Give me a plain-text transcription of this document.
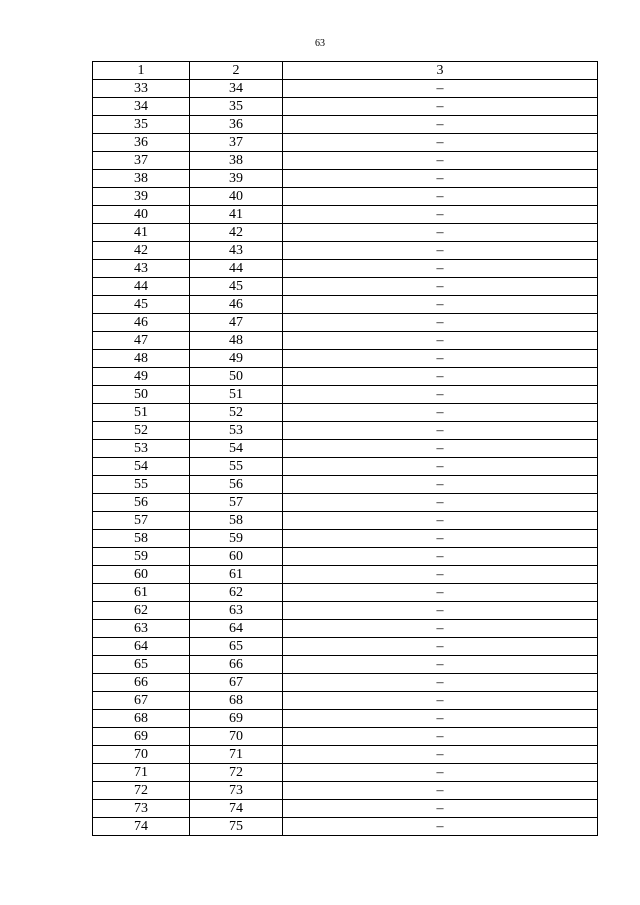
63
1	2	3
33	34	–
34	35	–
35	36	–
36	37	–
37	38	–
38	39	–
39	40	–
40	41	–
41	42	–
42	43	–
43	44	–
44	45	–
45	46	–
46	47	–
47	48	–
48	49	–
49	50	–
50	51	–
51	52	–
52	53	–
53	54	–
54	55	–
55	56	–
56	57	–
57	58	–
58	59	–
59	60	–
60	61	–
61	62	–
62	63	–
63	64	–
64	65	–
65	66	–
66	67	–
67	68	–
68	69	–
69	70	–
70	71	–
71	72	–
72	73	–
73	74	–
74	75	–
